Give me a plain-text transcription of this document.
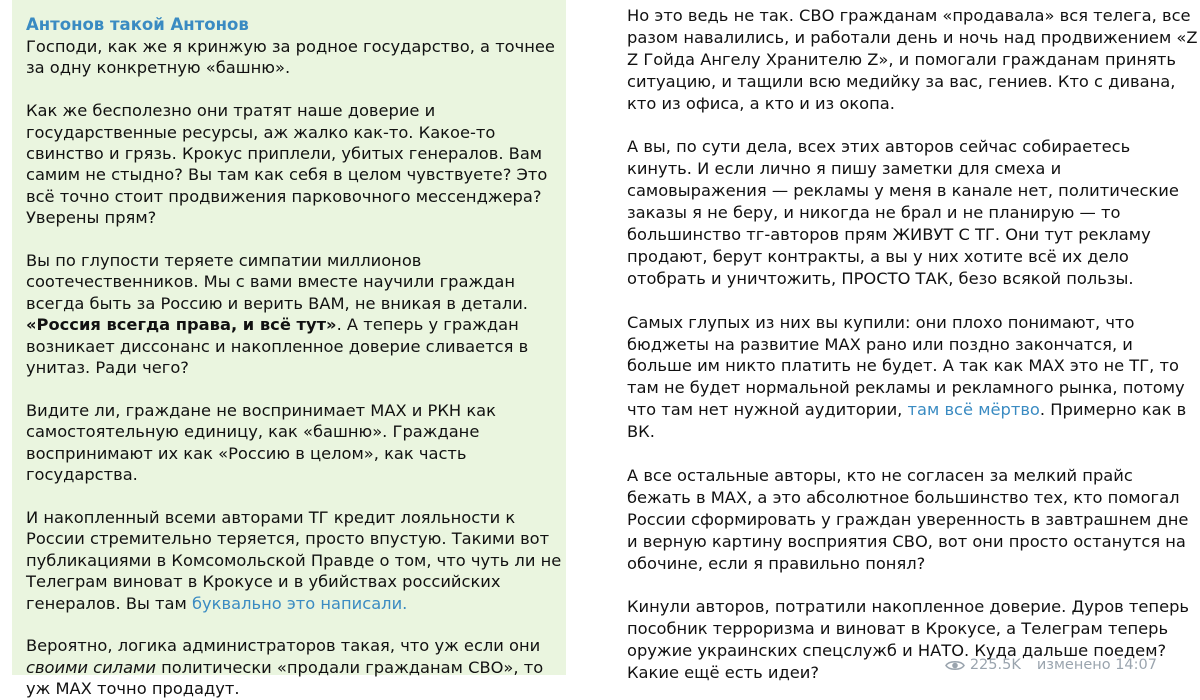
Антонов такой Антонов

Господи, как же я кринжую за родное государство, а точнее за одну конкретную «башню».

Как же бесполезно они тратят наше доверие и государственные ресурсы, аж жалко как-то. Какое-то свинство и грязь. Крокус приплели, убитых генералов. Вам самим не стыдно? Вы там как себя в целом чувствуете? Это всё точно стоит продвижения парковочного мессенджера? Уверены прям?

Вы по глупости теряете симпатии миллионов соотечественников. Мы с вами вместе научили граждан всегда быть за Россию и верить ВАМ, не вникая в детали. «Россия всегда права, и всё тут». А теперь у граждан возникает диссонанс и накопленное доверие сливается в унитаз. Ради чего?

Видите ли, граждане не воспринимает MAX и РКН как самостоятельную единицу, как «башню». Граждане воспринимают их как «Россию в целом», как часть государства.

И накопленный всеми авторами ТГ кредит лояльности к России стремительно теряется, просто впустую. Такими вот публикациями в Комсомольской Правде о том, что чуть ли не Телеграм виноват в Крокусе и в убийствах российских генералов. Вы там буквально это написали.

Вероятно, логика администраторов такая, что уж если они своими силами политически «продали гражданам СВО», то уж MAX точно продадут.

Но это ведь не так. СВО гражданам «продавала» вся телега, все разом навалились, и работали день и ночь над продвижением «Z Z Гойда Ангелу Хранителю Z», и помогали гражданам принять ситуацию, и тащили всю медийку за вас, гениев. Кто с дивана, кто из офиса, а кто и из окопа.

А вы, по сути дела, всех этих авторов сейчас собираетесь кинуть. И если лично я пишу заметки для смеха и самовыражения — рекламы у меня в канале нет, политические заказы я не беру, и никогда не брал и не планирую — то большинство тг-авторов прям ЖИВУТ С ТГ. Они тут рекламу продают, берут контракты, а вы у них хотите всё их дело отобрать и уничтожить, ПРОСТО ТАК, безо всякой пользы.

Самых глупых из них вы купили: они плохо понимают, что бюджеты на развитие MAX рано или поздно закончатся, и больше им никто платить не будет. А так как MAX это не ТГ, то там не будет нормальной рекламы и рекламного рынка, потому что там нет нужной аудитории, там всё мёртво. Примерно как в ВК.

А все остальные авторы, кто не согласен за мелкий прайс бежать в MAX, а это абсолютное большинство тех, кто помогал России сформировать у граждан уверенность в завтрашнем дне и верную картину восприятия СВО, вот они просто останутся на обочине, если я правильно понял?

Кинули авторов, потратили накопленное доверие. Дуров теперь пособник терроризма и виноват в Крокусе, а Телеграм теперь оружие украинских спецслужб и НАТО. Куда дальше поедем? Какие ещё есть идеи?	225.5K изменено 14:07
